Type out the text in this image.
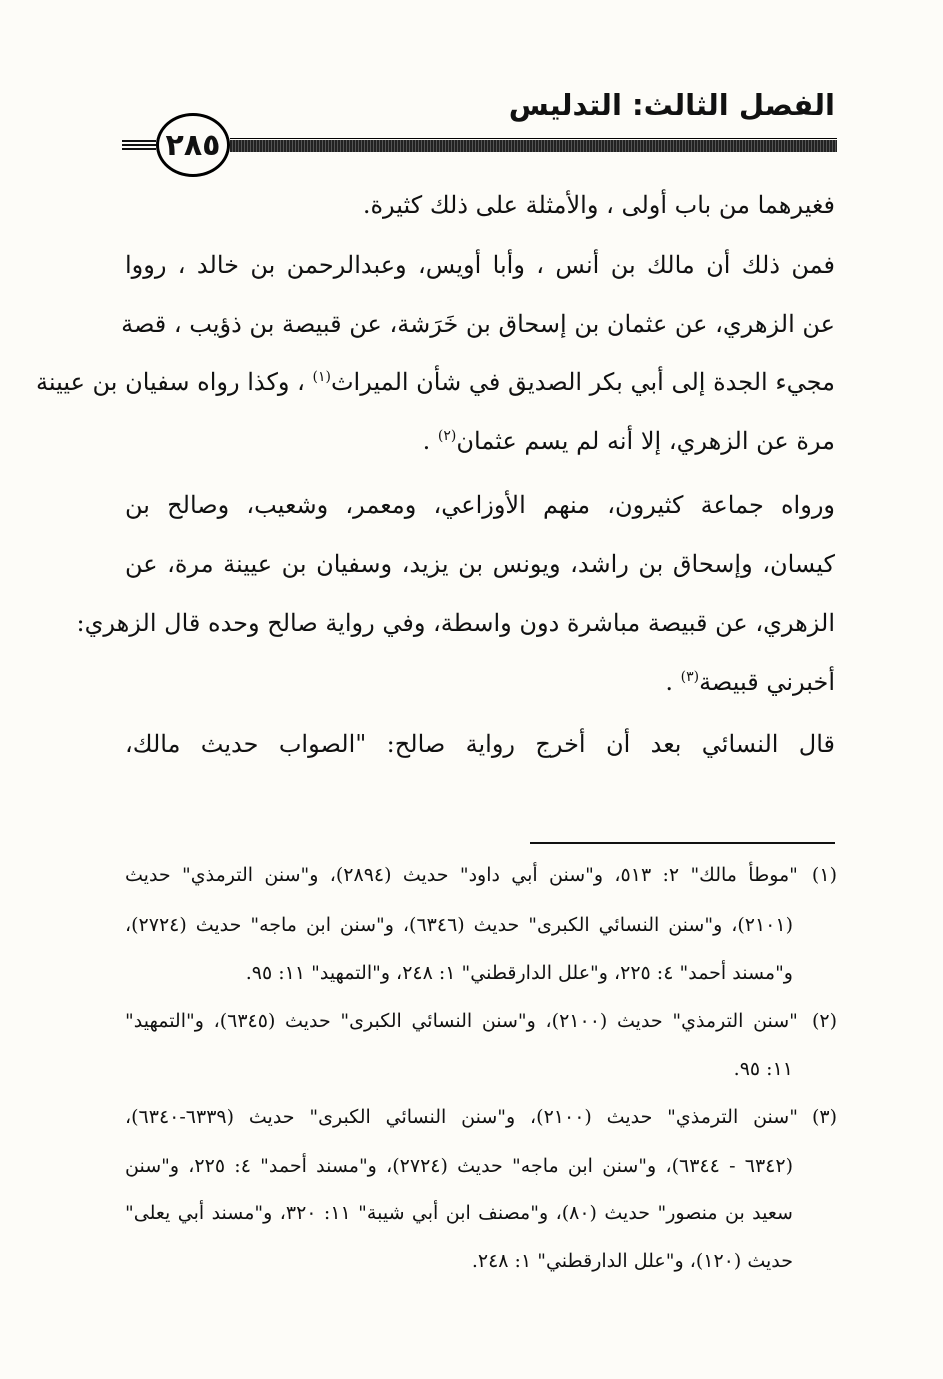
الفصل الثالث: التدليس
٢٨٥
فغيرهما من باب أولى ، والأمثلة على ذلك كثيرة.
فمن ذلك أن مالك بن أنس ، وأبا أويس، وعبدالرحمن بن خالد ، رووا
عن الزهري، عن عثمان بن إسحاق بن خَرَشة، عن قبيصة بن ذؤيب ، قصة
مجيء الجدة إلى أبي بكر الصديق في شأن الميراث$^{(١)}$ ، وكذا رواه سفيان بن عيينة
مرة عن الزهري، إلا أنه لم يسم عثمان$^{(٢)}$ .
ورواه جماعة كثيرون، منهم الأوزاعي، ومعمر، وشعيب، وصالح بن
كيسان، وإسحاق بن راشد، ويونس بن يزيد، وسفيان بن عيينة مرة، عن
الزهري، عن قبيصة مباشرة دون واسطة، وفي رواية صالح وحده قال الزهري:
أخبرني قبيصة$^{(٣)}$ .
قال النسائي بعد أن أخرج رواية صالح: "الصواب حديث مالك،
(١)"موطأ مالك" ٢: ٥١٣، و"سنن أبي داود" حديث (٢٨٩٤)، و"سنن الترمذي" حديث
(٢١٠١)، و"سنن النسائي الكبرى" حديث (٦٣٤٦)، و"سنن ابن ماجه" حديث (٢٧٢٤)،
و"مسند أحمد" ٤: ٢٢٥، و"علل الدارقطني" ١: ٢٤٨، و"التمهيد" ١١: ٩٥.
(٢)"سنن الترمذي" حديث (٢١٠٠)، و"سنن النسائي الكبرى" حديث (٦٣٤٥)، و"التمهيد"
١١: ٩٥.
(٣)"سنن الترمذي" حديث (٢١٠٠)، و"سنن النسائي الكبرى" حديث (٦٣٣٩-٦٣٤٠)،
(٦٣٤٢ - ٦٣٤٤)، و"سنن ابن ماجه" حديث (٢٧٢٤)، و"مسند أحمد" ٤: ٢٢٥، و"سنن
سعيد بن منصور" حديث (٨٠)، و"مصنف ابن أبي شيبة" ١١: ٣٢٠، و"مسند أبي يعلى"
حديث (١٢٠)، و"علل الدارقطني" ١: ٢٤٨.
